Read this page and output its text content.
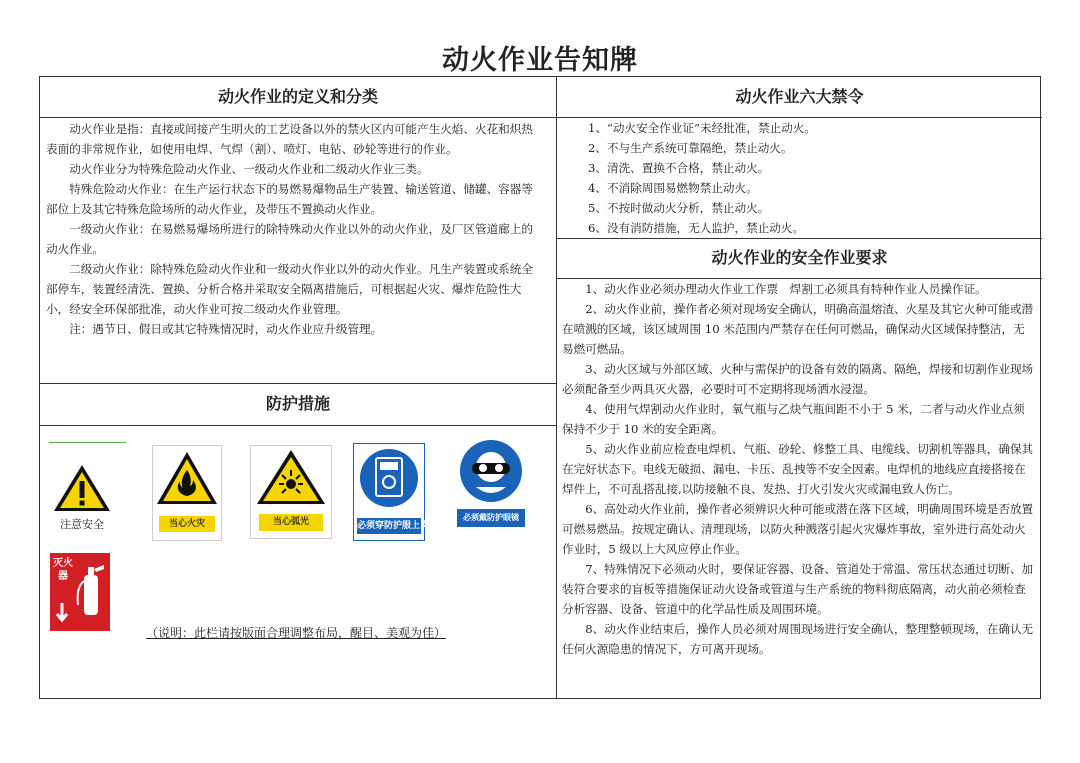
动火作业告知牌
动火作业的定义和分类

动火作业是指：直接或间接产生明火的工艺设备以外的禁火区内可能产生火焰、火花和炽热表面的非常规作业，如使用电焊、气焊（割）、喷灯、电钻、砂轮等进行的作业。

动火作业分为特殊危险动火作业、一级动火作业和二级动火作业三类。

特殊危险动火作业：在生产运行状态下的易燃易爆物品生产装置、输送管道、储罐、容器等部位上及其它特殊危险场所的动火作业，及带压不置换动火作业。

一级动火作业：在易燃易爆场所进行的除特殊动火作业以外的动火作业，及厂区管道廊上的动火作业。

二级动火作业：除特殊危险动火作业和一级动火作业以外的动火作业。凡生产装置或系统全部停车，装置经清洗、置换、分析合格并采取安全隔离措施后，可根据起火灾、爆炸危险性大小，经安全环保部批准，动火作业可按二级动火作业管理。

注：遇节日、假日或其它特殊情况时，动火作业应升级管理。

防护措施
注意安全	当心火灾	当心弧光	必须穿防护服上岗
必须戴防护眼镜
灭火器
（说明：此栏请按版面合理调整布局，醒目、美观为佳）
动火作业六大禁令
1、“动火安全作业证”未经批准，禁止动火。
2、不与生产系统可靠隔绝，禁止动火。
3、清洗、置换不合格，禁止动火。
4、不消除周围易燃物禁止动火。
5、不按时做动火分析，禁止动火。
6、没有消防措施，无人监护，禁止动火。
动火作业的安全作业要求

1、动火作业必须办理动火作业工作票　焊割工必须具有特种作业人员操作证。

2、动火作业前，操作者必须对现场安全确认，明确高温熔渣、火星及其它火种可能或潜在喷溅的区域，该区域周围 10 米范围内严禁存在任何可燃品，确保动火区域保持整洁，无易燃可燃品。

3、动火区域与外部区域、火种与需保护的设备有效的隔离、隔绝，焊接和切割作业现场必须配备至少两具灭火器，必要时可不定期将现场洒水浸湿。

4、使用气焊割动火作业时，氧气瓶与乙炔气瓶间距不小于 5 米，二者与动火作业点须保持不少于 10 米的安全距离。

5、动火作业前应检查电焊机、气瓶、砂轮、修整工具、电缆线、切割机等器具，确保其在完好状态下。电线无破损、漏电、卡压、乱拽等不安全因素。电焊机的地线应直接搭接在焊件上，不可乱搭乱接,以防接触不良、发热、打火引发火灾或漏电致人伤亡。

6、高处动火作业前，操作者必须辨识火种可能或潜在落下区域，明确周围环境是否放置可燃易燃品。按规定确认、清理现场，以防火种溅落引起火灾爆炸事故，室外进行高处动火作业时，5 级以上大风应停止作业。

7、特殊情况下必须动火时，要保证容器、设备、管道处于常温、常压状态通过切断、加装符合要求的盲板等措施保证动火设备或管道与生产系统的物料彻底隔离，动火前必须检查分析容器、设备、管道中的化学品性质及周围环境。

8、动火作业结束后，操作人员必须对周围现场进行安全确认，整理整顿现场，在确认无任何火源隐患的情况下，方可离开现场。
